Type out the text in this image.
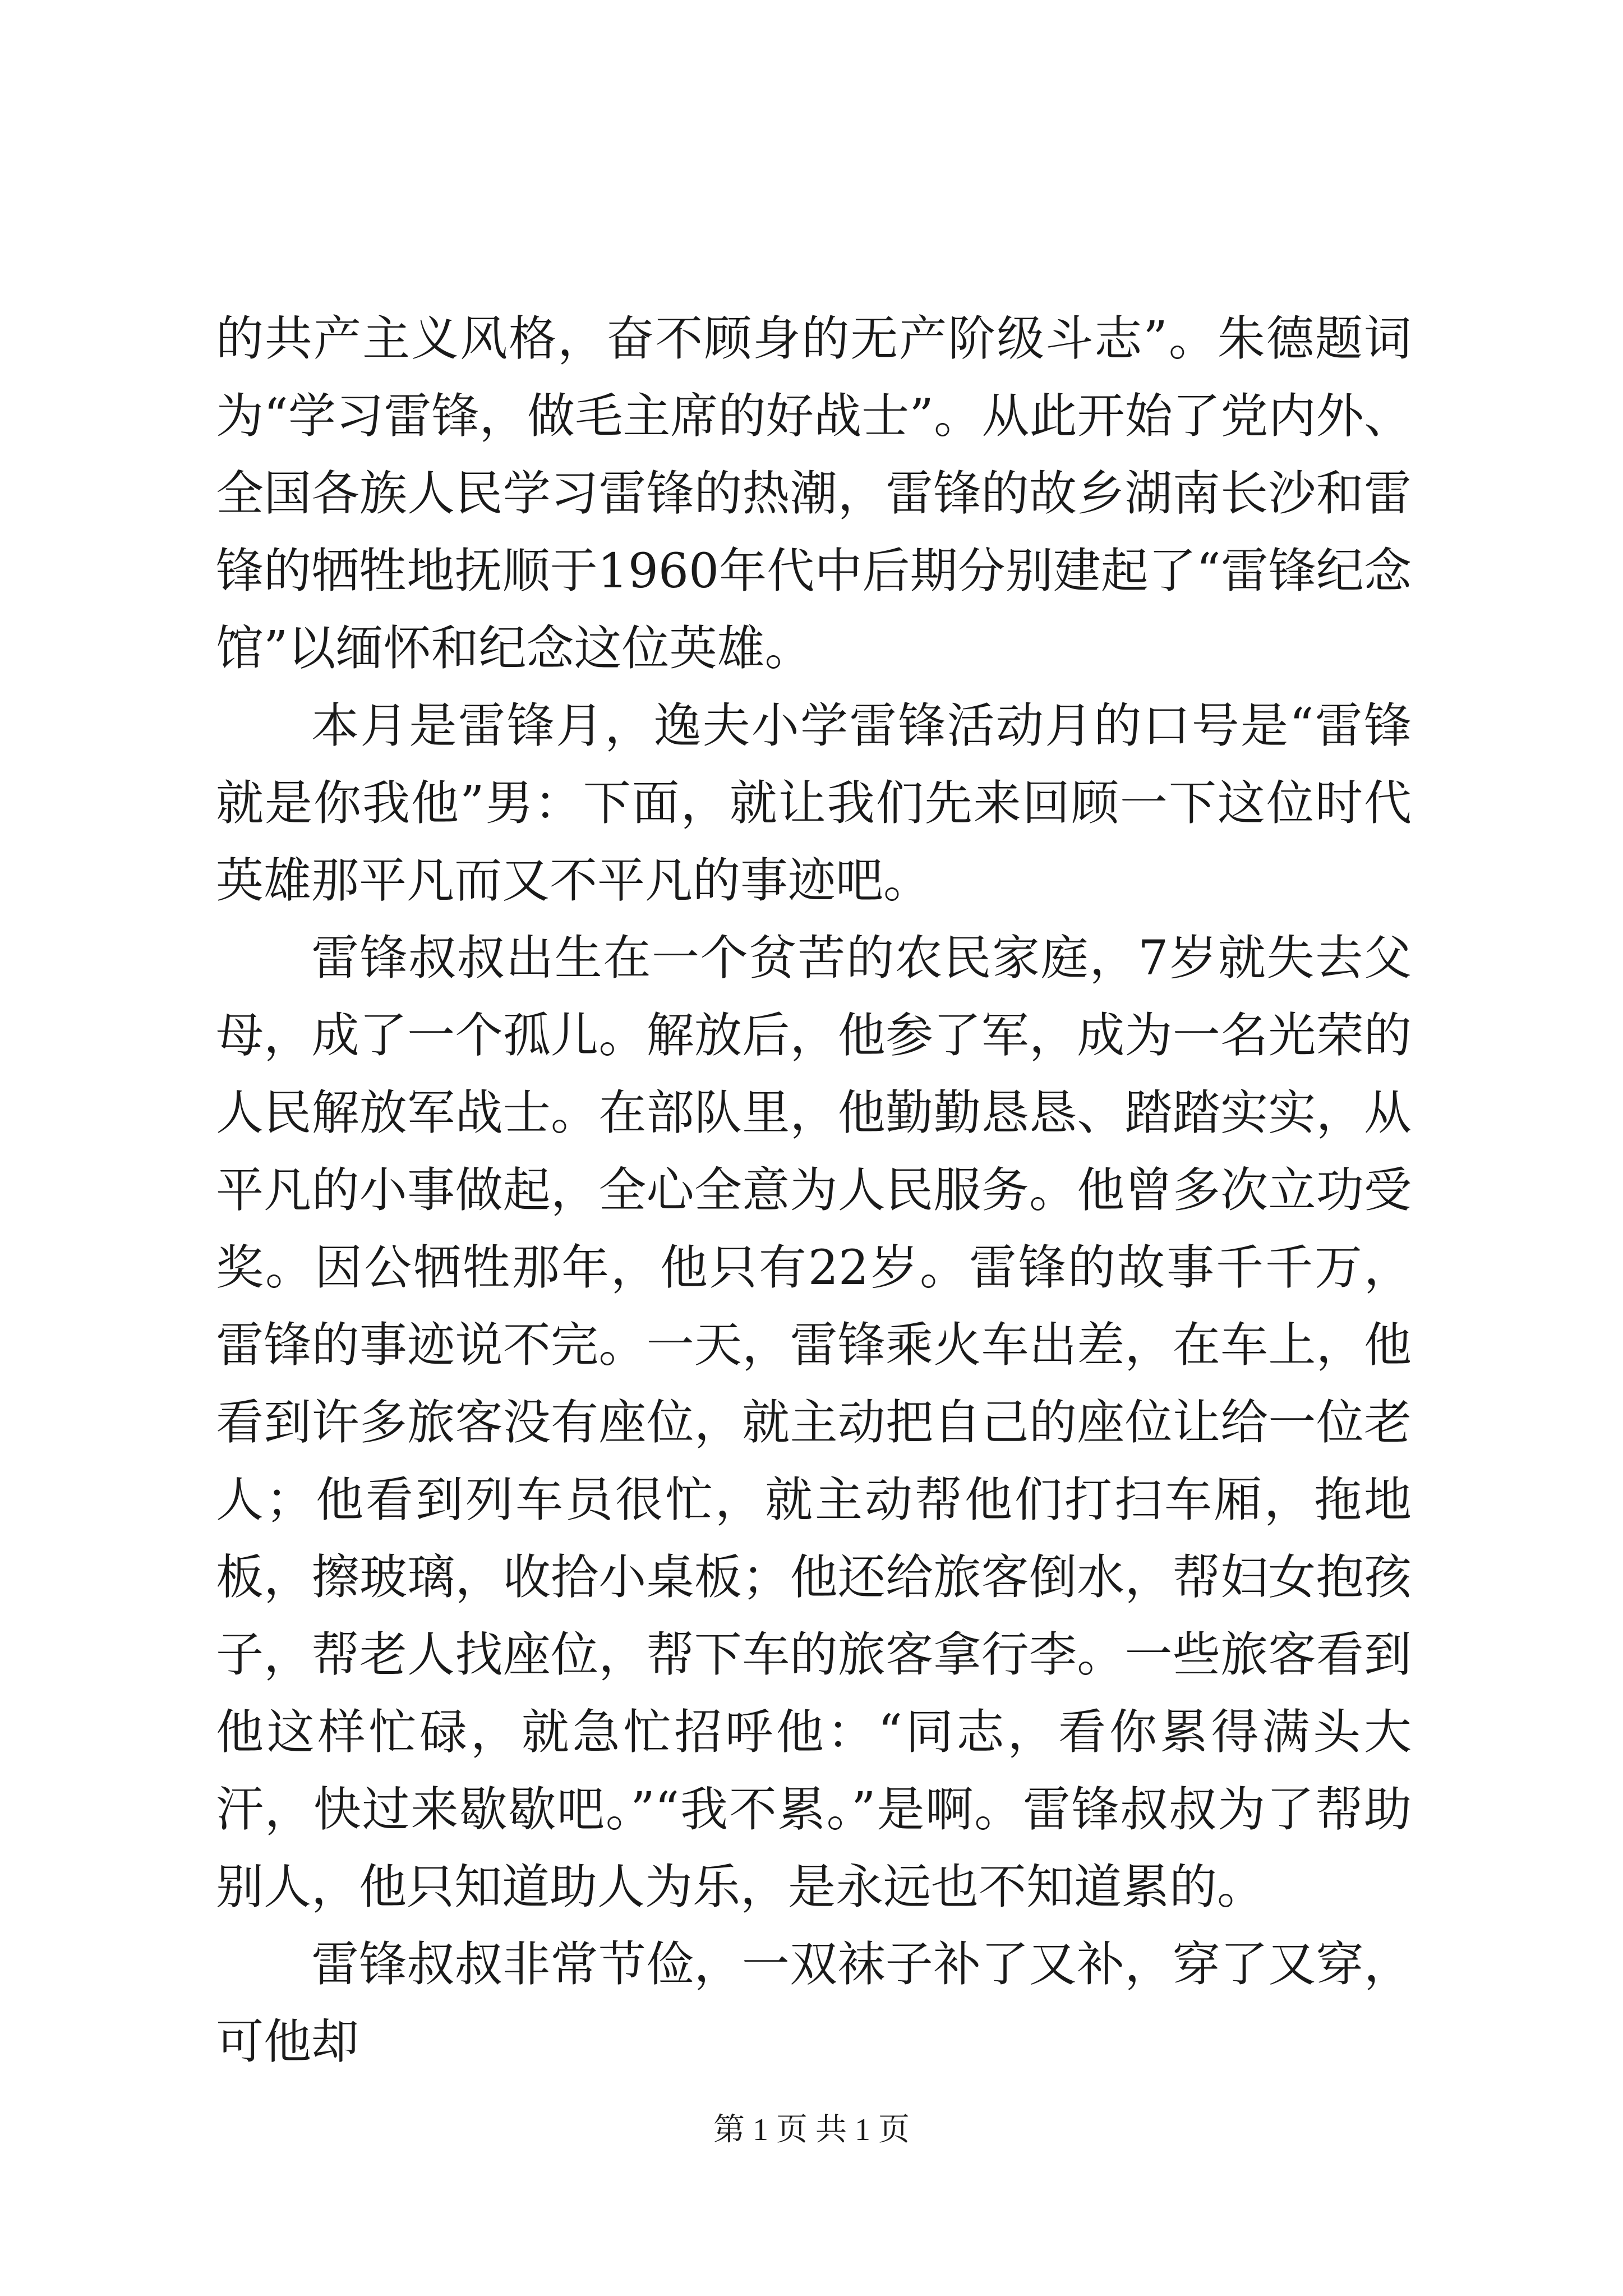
的共产主义风格，奋不顾身的无产阶级斗志”。朱德题词为“学习雷锋，做毛主席的好战士”。从此开始了党内外、全国各族人民学习雷锋的热潮，雷锋的故乡湖南长沙和雷锋的牺牲地抚顺于1960年代中后期分别建起了“雷锋纪念馆”以缅怀和纪念这位英雄。

本月是雷锋月，逸夫小学雷锋活动月的口号是“雷锋就是你我他”男：下面，就让我们先来回顾一下这位时代英雄那平凡而又不平凡的事迹吧。

雷锋叔叔出生在一个贫苦的农民家庭，7岁就失去父母，成了一个孤儿。解放后，他参了军，成为一名光荣的人民解放军战士。在部队里，他勤勤恳恳、踏踏实实，从平凡的小事做起，全心全意为人民服务。他曾多次立功受奖。因公牺牲那年，他只有22岁。雷锋的故事千千万，雷锋的事迹说不完。一天，雷锋乘火车出差，在车上，他看到许多旅客没有座位，就主动把自己的座位让给一位老人；他看到列车员很忙，就主动帮他们打扫车厢，拖地板，擦玻璃，收拾小桌板；他还给旅客倒水，帮妇女抱孩子，帮老人找座位，帮下车的旅客拿行李。一些旅客看到他这样忙碌，就急忙招呼他：“同志，看你累得满头大汗，快过来歇歇吧。”“我不累。”是啊。雷锋叔叔为了帮助别人，他只知道助人为乐，是永远也不知道累的。

雷锋叔叔非常节俭，一双袜子补了又补，穿了又穿，可他却

第 1 页 共 1 页
